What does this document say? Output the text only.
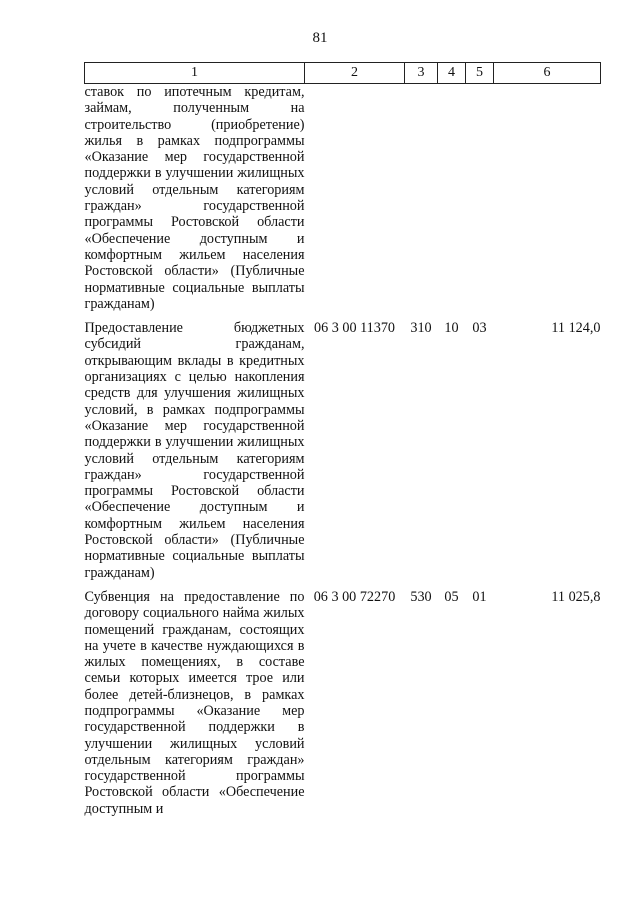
81
1	2	3	4	5	6
ставок по ипотечным кредитам, займам, полученным на строительство (приобретение) жилья в рамках подпрограммы «Оказание мер государственной поддержки в улучшении жилищных условий отдельным категориям граждан» государственной программы Ростовской области «Обеспечение доступным и комфортным жильем населения Ростовской области» (Публичные нормативные социальные выплаты гражданам)					
Предоставление бюджетных субсидий гражданам, открывающим вклады в кредитных организациях с целью накопления средств для улучшения жилищных условий, в рамках подпрограммы «Оказание мер государственной поддержки в улучшении жилищных условий отдельным категориям граждан» государственной программы Ростовской области «Обеспечение доступным и комфортным жильем населения Ростовской области» (Публичные нормативные социальные выплаты гражданам)	06 3 00 11370	310	10	03	11 124,0
Субвенция на предоставление по договору социального найма жилых помещений гражданам, состоящих на учете в качестве нуждающихся в жилых помещениях, в составе семьи которых имеется трое или более детей-близнецов, в рамках подпрограммы «Оказание мер государственной поддержки в улучшении жилищных условий отдельным категориям граждан» государственной программы Ростовской области «Обеспечение доступным и	06 3 00 72270	530	05	01	11 025,8
